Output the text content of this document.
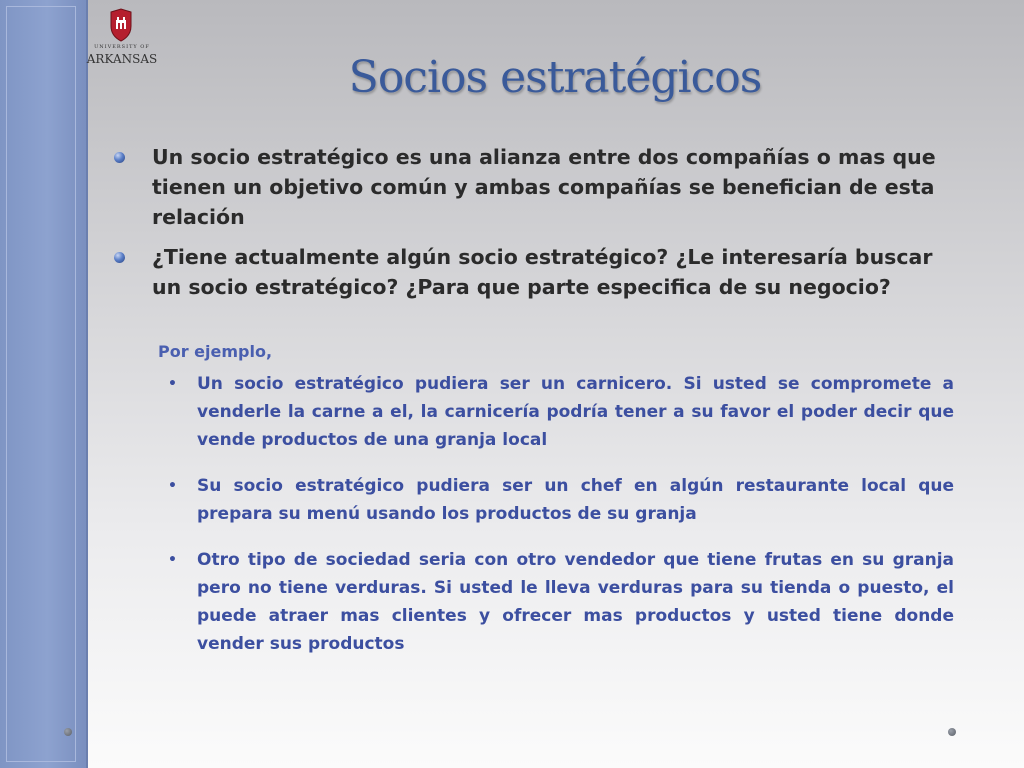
UNIVERSITY OF
ARKANSAS	Socios estratégicos
Un socio estratégico es una alianza entre dos compañías o mas que tienen un objetivo común y ambas compañías se benefician de esta relación
¿Tiene actualmente algún socio estratégico? ¿Le interesaría buscar un socio estratégico? ¿Para que parte especifica de su negocio?
Por ejemplo,
• Un socio estratégico pudiera ser un carnicero. Si usted se compromete a venderle la carne a el, la carnicería podría tener a su favor el poder decir que vende productos de una granja local
• Su socio estratégico pudiera ser un chef en algún restaurante local que prepara su menú usando los productos de su granja
• Otro tipo de sociedad seria con otro vendedor que tiene frutas en su granja pero no tiene verduras. Si usted le lleva verduras para su tienda o puesto, el puede atraer mas clientes y ofrecer mas productos y usted tiene donde vender sus productos
